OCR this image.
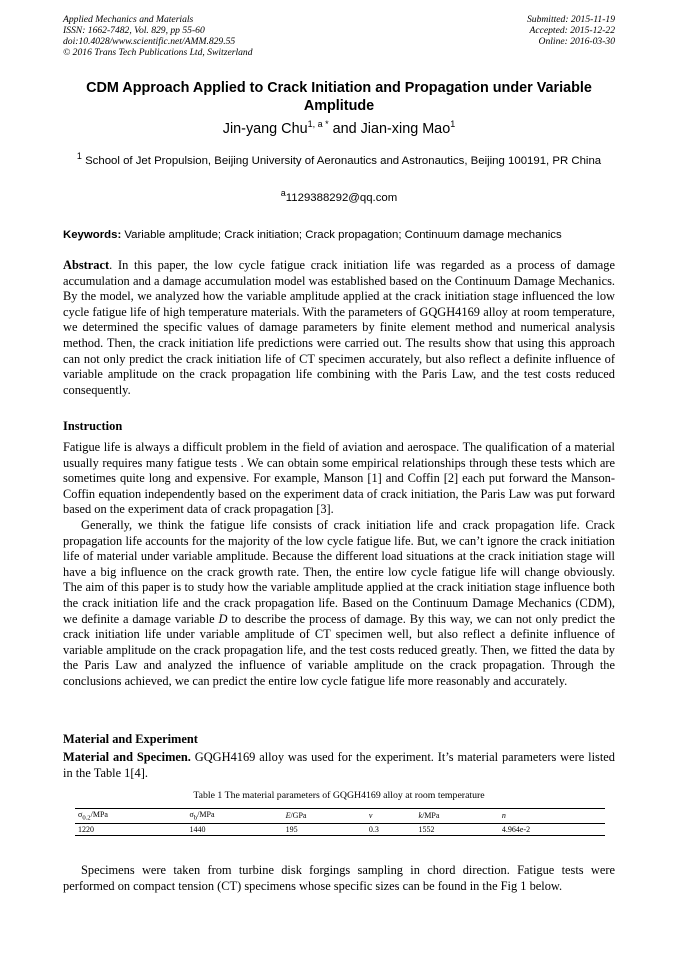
Applied Mechanics and Materials
ISSN: 1662-7482, Vol. 829, pp 55-60
doi:10.4028/www.scientific.net/AMM.829.55
© 2016 Trans Tech Publications Ltd, Switzerland
Submitted: 2015-11-19
Accepted: 2015-12-22
Online: 2016-03-30
CDM Approach Applied to Crack Initiation and Propagation under Variable Amplitude
Jin-yang Chu$^{1, a *}$ and Jian-xing Mao$^1$
$^1$ School of Jet Propulsion, Beijing University of Aeronautics and Astronautics, Beijing 100191, PR China
$^a$1129388292@qq.com
Keywords: Variable amplitude; Crack initiation; Crack propagation; Continuum damage mechanics

Abstract. In this paper, the low cycle fatigue crack initiation life was regarded as a process of damage accumulation and a damage accumulation model was established based on the Continuum Damage Mechanics. By the model, we analyzed how the variable amplitude applied at the crack initiation stage influenced the low cycle fatigue life of high temperature materials. With the parameters of GQGH4169 alloy at room temperature, we determined the specific values of damage parameters by finite element method and numerical analysis method. Then, the crack initiation life predictions were carried out. The results show that using this approach can not only predict the crack initiation life of CT specimen accurately, but also reflect a definite influence of variable amplitude on the crack propagation life combining with the Paris Law, and the test costs reduced consequently.

Instruction

Fatigue life is always a difficult problem in the field of aviation and aerospace. The qualification of a material usually requires many fatigue tests . We can obtain some empirical relationships through these tests which are sometimes quite long and expensive. For example, Manson [1] and Coffin [2] each put forward the Manson-Coffin equation independently based on the experiment data of crack initiation, the Paris Law was put forward based on the experiment data of crack propagation [3].

Generally, we think the fatigue life consists of crack initiation life and crack propagation life. Crack propagation life accounts for the majority of the low cycle fatigue life. But, we can’t ignore the crack initiation life of material under variable amplitude. Because the different load situations at the crack initiation stage will have a big influence on the crack growth rate. Then, the entire low cycle fatigue life will change obviously. The aim of this paper is to study how the variable amplitude applied at the crack initiation stage influence both the crack initiation life and the crack propagation life. Based on the Continuum Damage Mechanics (CDM), we definite a damage variable D to describe the process of damage. By this way, we can not only predict the crack initiation life under variable amplitude of CT specimen well, but also reflect a definite influence of variable amplitude on the crack propagation life, and the test costs reduced greatly. Then, we fitted the data by the Paris Law and analyzed the influence of variable amplitude on the crack propagation. Through the conclusions achieved, we can predict the entire low cycle fatigue life more reasonably and accurately.

Material and Experiment

Material and Specimen. GQGH4169 alloy was used for the experiment. It’s material parameters were listed in the Table 1[4].

Table 1 The material parameters of GQGH4169 alloy at room temperature
$\sigma_{0.2}$/MPa	$\sigma_b$/MPa	E/GPa	ν	k/MPa	n
1220	1440	195	0.3	1552	4.964e-2

Specimens were taken from turbine disk forgings sampling in chord direction. Fatigue tests were performed on compact tension (CT) specimens whose specific sizes can be found in the Fig 1 below.
